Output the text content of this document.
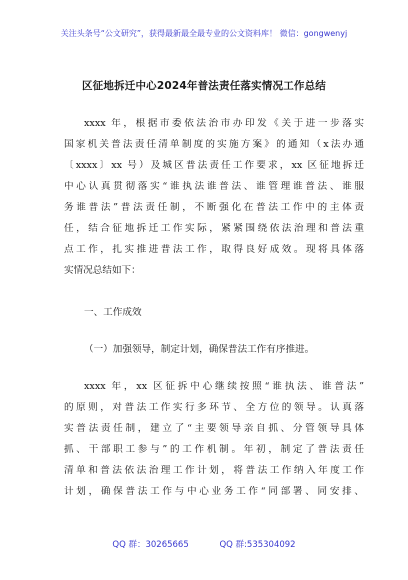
关注头条号“公文研究”，获得最新最全最专业的公文资料库！ 微信：gongwenyj
区征地拆迁中心2024年普法责任落实情况工作总结
xxxx 年，根据市委依法治市办印发《关于进一步落实
国家机关普法责任清单制度的实施方案》的通知（x法办通
〔xxxx〕xx 号）及城区普法责任工作要求，xx 区征地拆迁
中心认真贯彻落实“谁执法谁普法、谁管理谁普法、谁服
务谁普法”普法责任制，不断强化在普法工作中的主体责
任，结合征地拆迁工作实际，紧紧围绕依法治理和普法重
点工作，扎实推进普法工作，取得良好成效。现将具体落
实情况总结如下：
一、工作成效
（一）加强领导，制定计划，确保普法工作有序推进。
xxxx 年，xx 区征拆中心继续按照“谁执法、谁普法”
的原则，对普法工作实行多环节、全方位的领导。认真落
实普法责任制，建立了“主要领导亲自抓、分管领导具体
抓、干部职工参与”的工作机制。年初，制定了普法责任
清单和普法依法治理工作计划，将普法工作纳入年度工作
计划，确保普法工作与中心业务工作“同部署、同安排、
QQ 群：30265665	QQ 群:535304092
